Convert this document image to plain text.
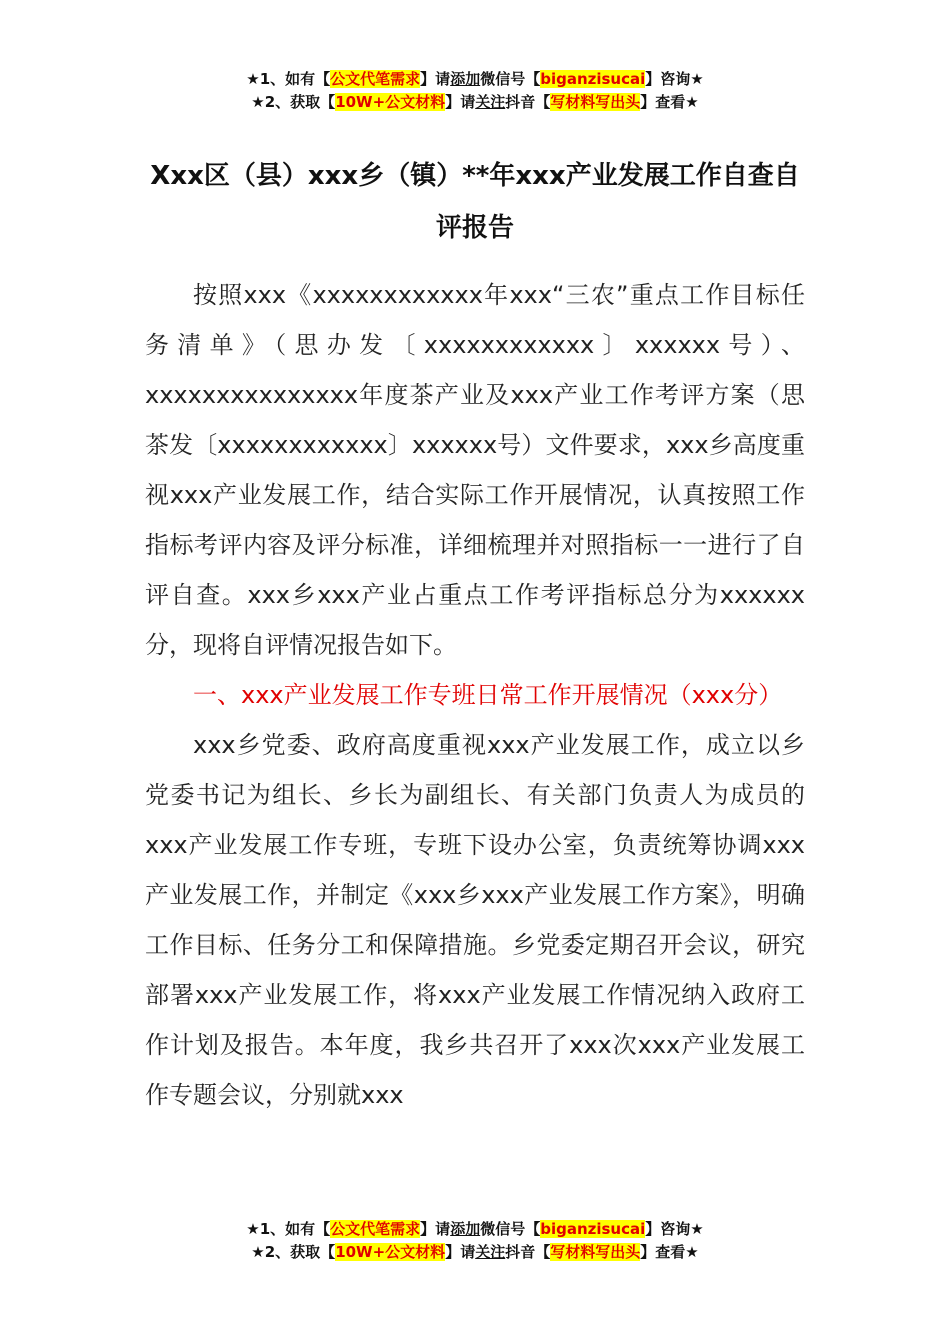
★1、如有【公文代笔需求】请添加微信号【biganzisucai】咨询★
★2、获取【10W+公文材料】请关注抖音【写材料写出头】查看★
Xxx区（县）xxx乡（镇）**年xxx产业发展工作自查自评报告

按照xxx《xxxxxxxxxxxx年xxx“三农”重点工作目标任务清单》（思办发〔xxxxxxxxxxxx〕xxxxxx号）、xxxxxxxxxxxxxxx年度茶产业及xxx产业工作考评方案（思茶发〔xxxxxxxxxxxx〕xxxxxx号）文件要求，xxx乡高度重视xxx产业发展工作，结合实际工作开展情况，认真按照工作指标考评内容及评分标准，详细梳理并对照指标一一进行了自评自查。xxx乡xxx产业占重点工作考评指标总分为xxxxxx分，现将自评情况报告如下。

一、xxx产业发展工作专班日常工作开展情况（xxx分）

xxx乡党委、政府高度重视xxx产业发展工作，成立以乡党委书记为组长、乡长为副组长、有关部门负责人为成员的xxx产业发展工作专班，专班下设办公室，负责统筹协调xxx产业发展工作，并制定《xxx乡xxx产业发展工作方案》，明确工作目标、任务分工和保障措施。乡党委定期召开会议，研究部署xxx产业发展工作，将xxx产业发展工作情况纳入政府工作计划及报告。本年度，我乡共召开了xxx次xxx产业发展工作专题会议，分别就xxx

★1、如有【公文代笔需求】请添加微信号【biganzisucai】咨询★
★2、获取【10W+公文材料】请关注抖音【写材料写出头】查看★
